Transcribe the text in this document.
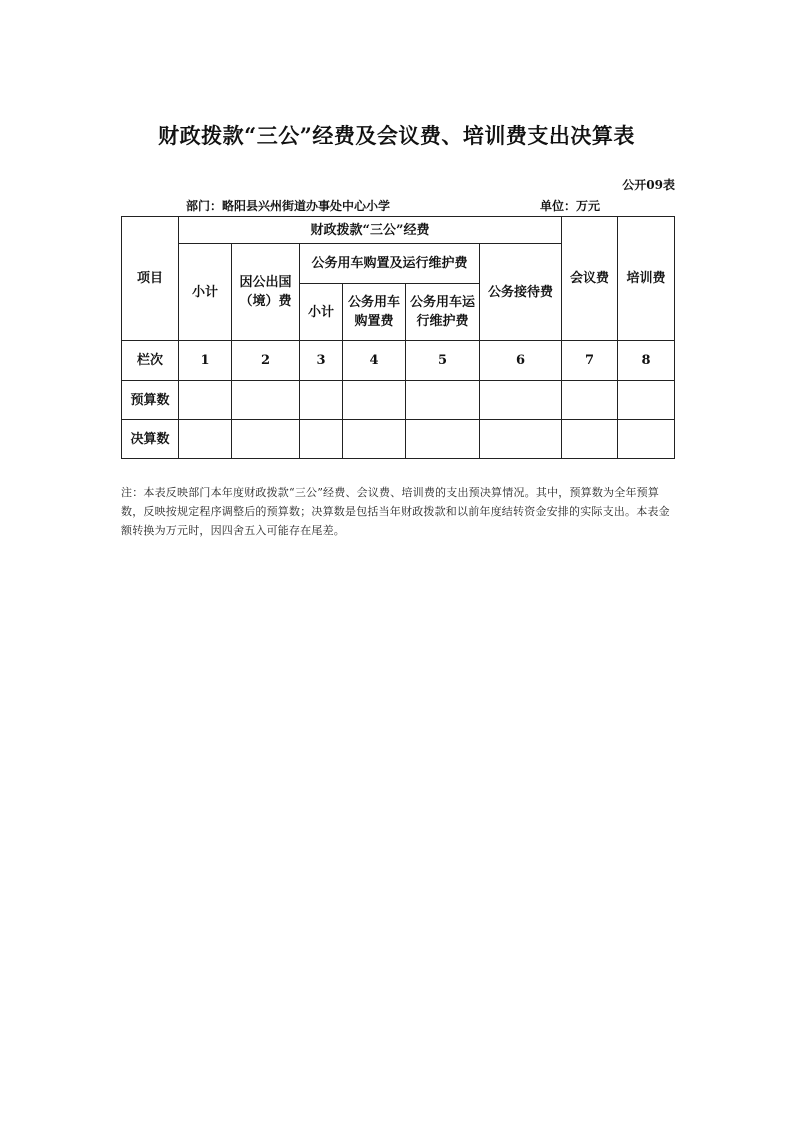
财政拨款“三公”经费及会议费、培训费支出决算表
公开09表
部门：略阳县兴州街道办事处中心小学	单位：万元
项目	财政拨款“三公”经费						会议费	培训费
	小计	因公出国（境）费	公务用车购置及运行维护费			公务接待费		
			小计	公务用车购置费	公务用车运行维护费			
栏次	1	2	3	4	5	6	7	8
预算数								
决算数								
注：本表反映部门本年度财政拨款“三公”经费、会议费、培训费的支出预决算情况。其中，预算数为全年预算数，反映按规定程序调整后的预算数；决算数是包括当年财政拨款和以前年度结转资金安排的实际支出。本表金额转换为万元时，因四舍五入可能存在尾差。
